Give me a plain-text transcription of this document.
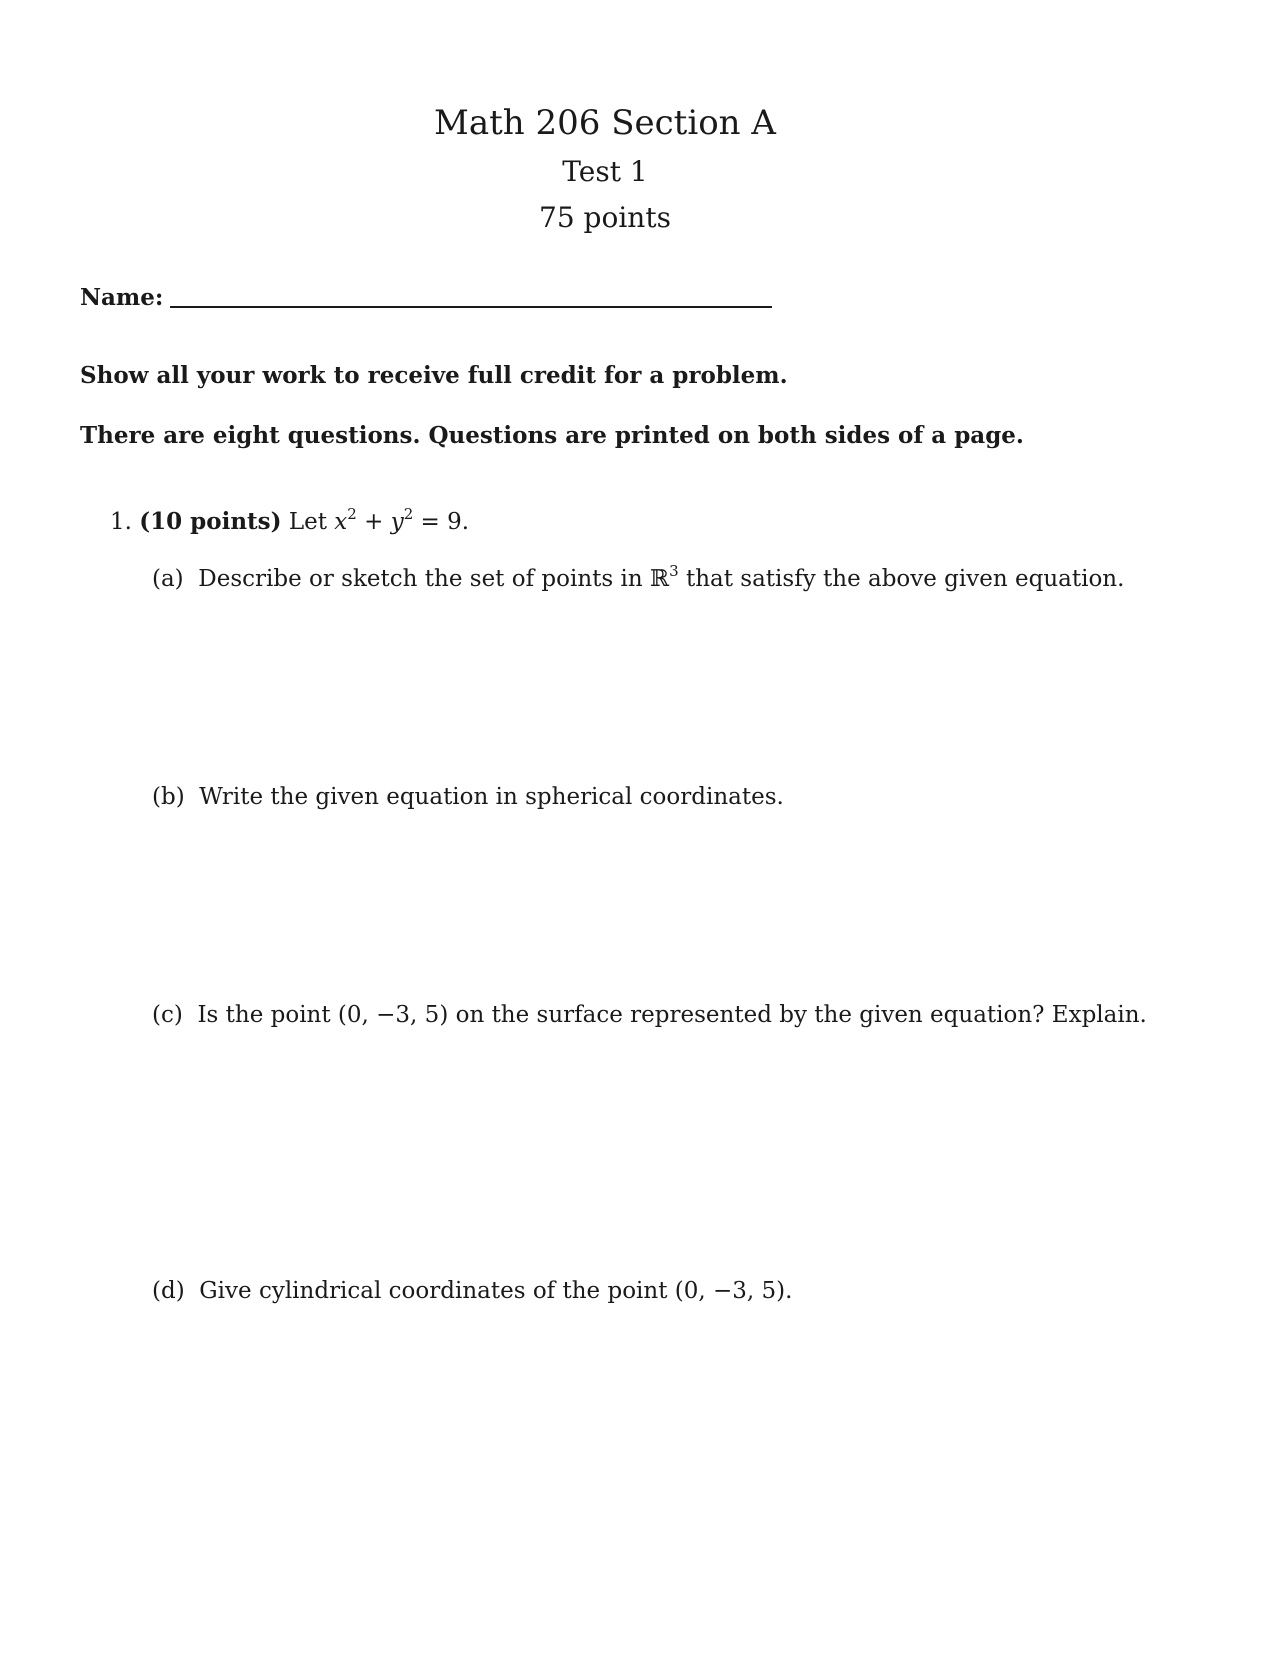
Math 206 Section A
Test 1
75 points
Name:
Show all your work to receive full credit for a problem.
There are eight questions. Questions are printed on both sides of a page.
1. (10 points) Let $x^2 + y^2 = 9$.
(a) Describe or sketch the set of points in ℝ$^3$ that satisfy the above given equation.
(b) Write the given equation in spherical coordinates.
(c) Is the point (0, −3, 5) on the surface represented by the given equation? Explain.
(d) Give cylindrical coordinates of the point (0, −3, 5).
